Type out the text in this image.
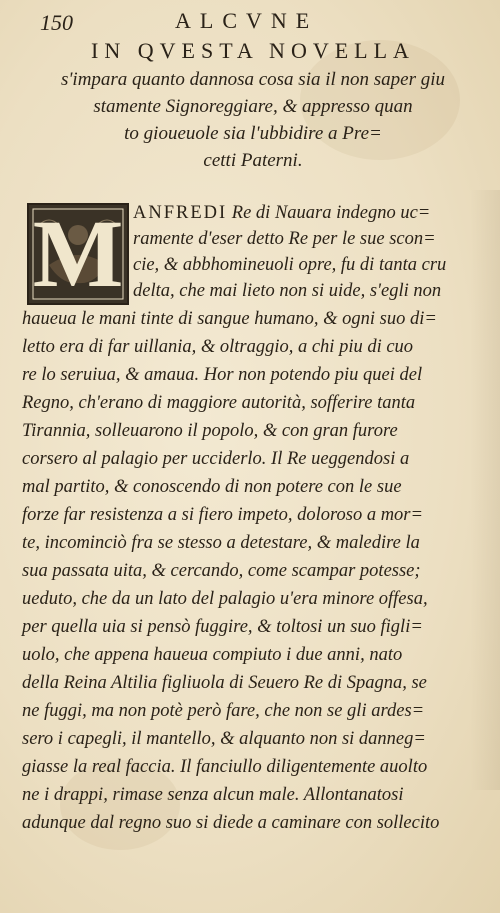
150	ALCVNE
IN QVESTA NOVELLA
s'impara quanto dannosa cosa sia il non saper giu
stamente Signoreggiare, & appresso quan
to gioueuole sia l'ubbidire a Pre=
cetti Paterni.
M ANFREDI Re di Nauara indegno uc=
ramente d'eser detto Re per le sue scon=
cie, & abbhomineuoli opre, fu di tanta cru
delta, che mai lieto non si uide, s'egli non
haueua le mani tinte di sangue humano, & ogni suo di=
letto era di far uillania, & oltraggio, a chi piu di cuo
re lo seruiua, & amaua. Hor non potendo piu quei del
Regno, ch'erano di maggiore autorità, sofferire tanta
Tirannia, solleuarono il popolo, & con gran furore
corsero al palagio per ucciderlo. Il Re ueggendosi a
mal partito, & conoscendo di non potere con le sue
forze far resistenza a si fiero impeto, doloroso a mor=
te, incominciò fra se stesso a detestare, & maledire la
sua passata uita, & cercando, come scampar potesse;
ueduto, che da un lato del palagio u'era minore offesa,
per quella uia si pensò fuggire, & toltosi un suo figli=
uolo, che appena haueua compiuto i due anni, nato
della Reina Altilia figliuola di Seuero Re di Spagna, se
ne fuggi, ma non potè però fare, che non se gli ardes=
sero i capegli, il mantello, & alquanto non si danneg=
giasse la real faccia. Il fanciullo diligentemente auolto
ne i drappi, rimase senza alcun male. Allontanatosi
adunque dal regno suo si diede a caminare con sollecito
